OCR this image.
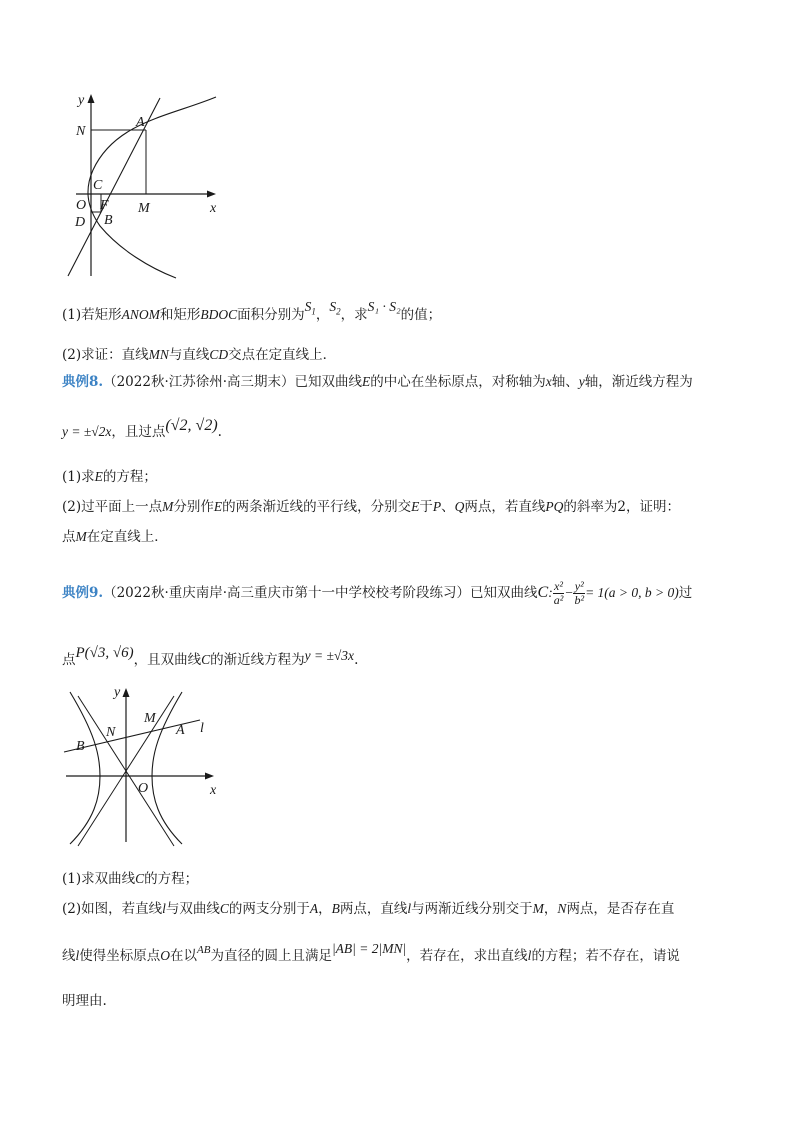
y
x
N
A
C
O F
D B
M
(1)若矩形ANOM和矩形BDOC面积分别为$S_1$，$S_2$，求S₁ · S₂的值；
(2)求证：直线MN与直线CD交点在定直线上．
典例8.（2022秋·江苏徐州·高三期末）已知双曲线E的中心在坐标原点，对称轴为x轴、y轴，渐近线方程为
y = ±√2x，且过点(√2, √2).
(1)求E的方程；
(2)过平面上一点M分别作E的两条渐近线的平行线，分别交E于P、Q两点，若直线PQ的斜率为2，证明：
点M在定直线上．
典例9.（2022秋·重庆南岸·高三重庆市第十一中学校校考阶段练习）已知双曲线C: $\frac{\text{x²}}{\text{a²}} - \frac{\text{y²}}{\text{b²}} = 1(a > 0$, b > 0)过
点P(√3, √6)，且双曲线C的渐近线方程为y = ±√3x.
y
x
M
N	A l
B
O
(1)求双曲线C的方程；
(2)如图，若直线l与双曲线C的两支分别于A，B两点，直线l与两渐近线分别交于M，N两点，是否存在直
线l使得坐标原点O在以$^{AB}$为直径的圆上且满足|AB| = 2|MN|，若存在，求出直线l的方程；若不存在，请说
明理由.
